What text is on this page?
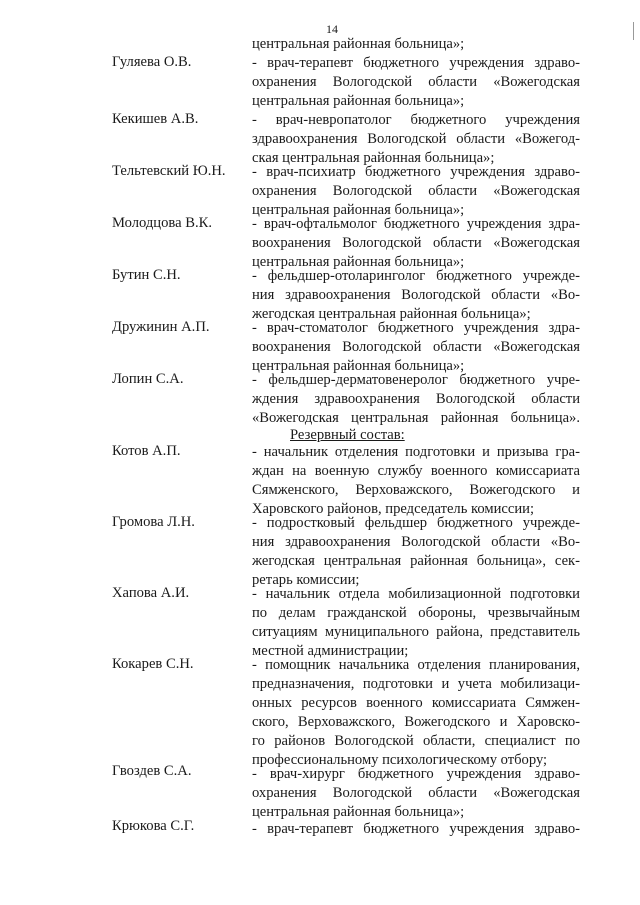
14
центральная районная больница»;
- врач-терапевт бюджетного учреждения здраво-
охранения Вологодской области «Вожегодская
центральная районная больница»;
- врач-невропатолог бюджетного учреждения
здравоохранения Вологодской области «Вожегод-
ская центральная районная больница»;
- врач-психиатр бюджетного учреждения здраво-
охранения Вологодской области «Вожегодская
центральная районная больница»;
- врач-офтальмолог бюджетного учреждения здра-
воохранения Вологодской области «Вожегодская
центральная районная больница»;
- фельдшер-отоларинголог бюджетного учрежде-
ния здравоохранения Вологодской области «Во-
жегодская центральная районная больница»;
- врач-стоматолог бюджетного учреждения здра-
воохранения Вологодской области «Вожегодская
центральная районная больница»;
- фельдшер-дерматовенеролог бюджетного учре-
ждения здравоохранения Вологодской области
«Вожегодская центральная районная больница».
Резервный состав:
- начальник отделения подготовки и призыва гра-
ждан на военную службу военного комиссариата
Сямженского, Верховажского, Вожегодского и
Харовского районов, председатель комиссии;
- подростковый фельдшер бюджетного учрежде-
ния здравоохранения Вологодской области «Во-
жегодская центральная районная больница», сек-
ретарь комиссии;
- начальник отдела мобилизационной подготовки
по делам гражданской обороны, чрезвычайным
ситуациям муниципального района, представитель
местной администрации;
- помощник начальника отделения планирования,
предназначения, подготовки и учета мобилизаци-
онных ресурсов военного комиссариата Сямжен-
ского, Верховажского, Вожегодского и Харовско-
го районов Вологодской области, специалист по
профессиональному психологическому отбору;
- врач-хирург бюджетного учреждения здраво-
охранения Вологодской области «Вожегодская
центральная районная больница»;
- врач-терапевт бюджетного учреждения здраво-
Гуляева О.В.
Кекишев А.В.
Тельтевский Ю.Н.
Молодцова В.К.
Бутин С.Н.
Дружинин А.П.
Лопин С.А.
Котов А.П.
Громова Л.Н.
Хапова А.И.
Кокарев С.Н.
Гвоздев С.А.
Крюкова С.Г.
